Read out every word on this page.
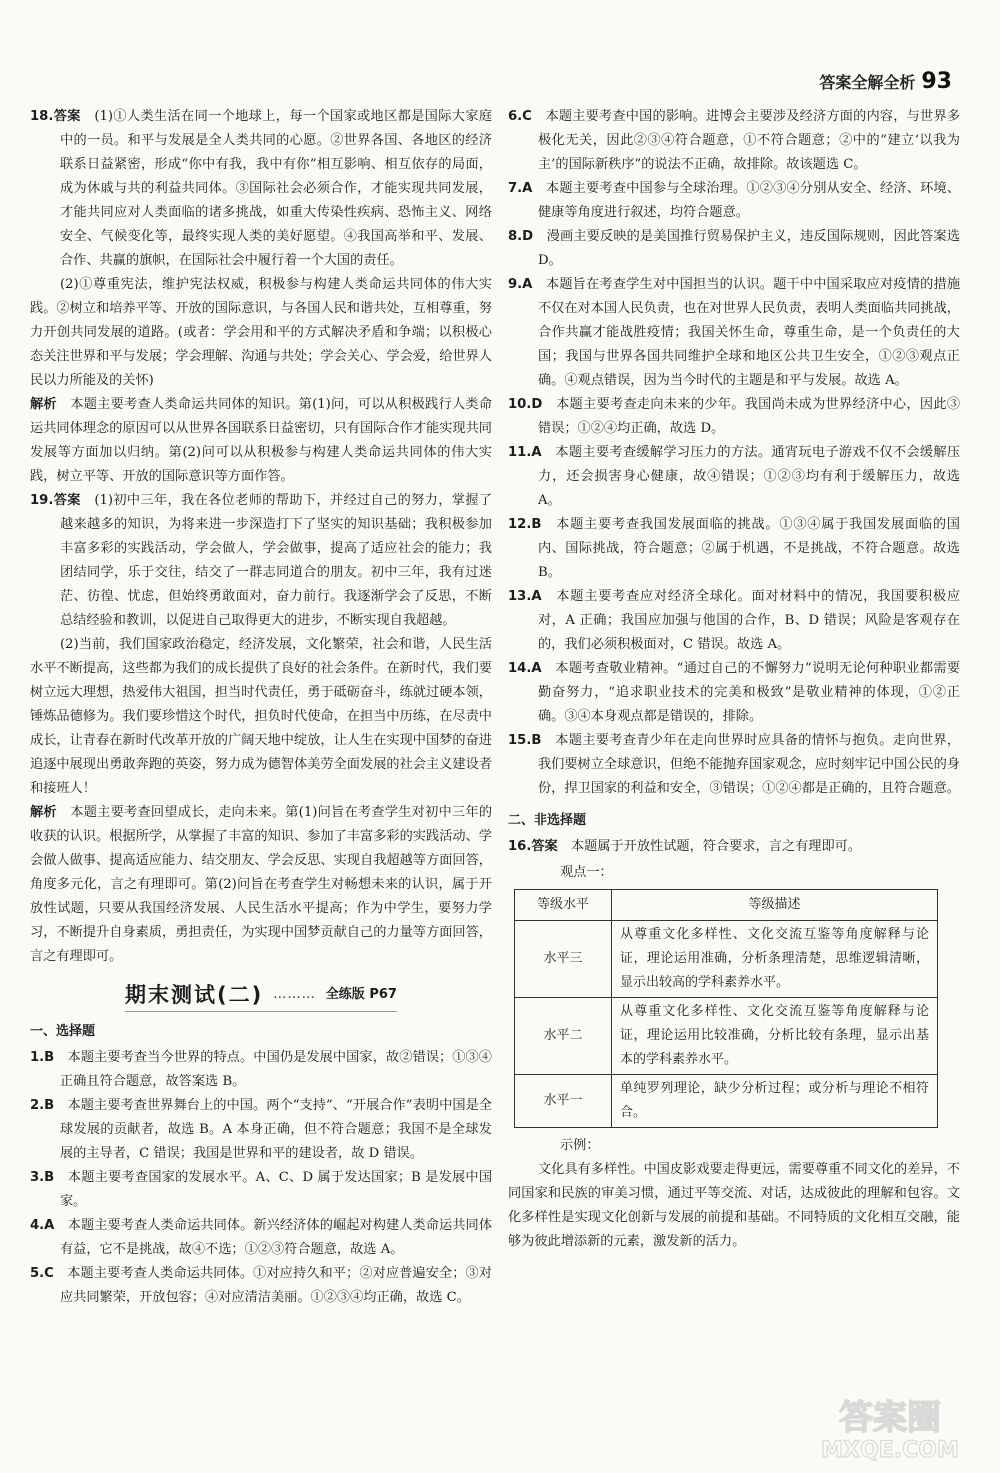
答案全解全析 93
18.答案　 (1)①人类生活在同一个地球上，每一个国家或地区都是国际大家庭中的一员。和平与发展是全人类共同的心愿。②世界各国、各地区的经济联系日益紧密，形成“你中有我，我中有你”相互影响、相互依存的局面，成为休戚与共的利益共同体。③国际社会必须合作，才能实现共同发展，才能共同应对人类面临的诸多挑战，如重大传染性疾病、恐怖主义、网络安全、气候变化等，最终实现人类的美好愿望。④我国高举和平、发展、合作、共赢的旗帜，在国际社会中履行着一个大国的责任。
(2)①尊重宪法，维护宪法权威，积极参与构建人类命运共同体的伟大实践。②树立和培养平等、开放的国际意识，与各国人民和谐共处，互相尊重，努力开创共同发展的道路。(或者：学会用和平的方式解决矛盾和争端；以积极心态关注世界和平与发展；学会理解、沟通与共处；学会关心、学会爱，给世界人民以力所能及的关怀)
解析　 本题主要考查人类命运共同体的知识。第(1)问，可以从积极践行人类命运共同体理念的原因可以从世界各国联系日益密切，只有国际合作才能实现共同发展等方面加以归纳。第(2)问可以从积极参与构建人类命运共同体的伟大实践，树立平等、开放的国际意识等方面作答。
19.答案　 (1)初中三年，我在各位老师的帮助下，并经过自己的努力，掌握了越来越多的知识，为将来进一步深造打下了坚实的知识基础；我积极参加丰富多彩的实践活动，学会做人，学会做事，提高了适应社会的能力；我团结同学，乐于交往，结交了一群志同道合的朋友。初中三年，我有过迷茫、彷徨、忧虑，但始终勇敢面对，奋力前行。我逐渐学会了反思，不断总结经验和教训，以促进自己取得更大的进步，不断实现自我超越。
(2)当前，我们国家政治稳定，经济发展，文化繁荣，社会和谐，人民生活水平不断提高，这些都为我们的成长提供了良好的社会条件。在新时代，我们要树立远大理想，热爱伟大祖国，担当时代责任，勇于砥砺奋斗，练就过硬本领，锤炼品德修为。我们要珍惜这个时代，担负时代使命，在担当中历练，在尽责中成长，让青春在新时代改革开放的广阔天地中绽放，让人生在实现中国梦的奋进追逐中展现出勇敢奔跑的英姿，努力成为德智体美劳全面发展的社会主义建设者和接班人！
解析　 本题主要考查回望成长，走向未来。第(1)问旨在考查学生对初中三年的收获的认识。根据所学，从掌握了丰富的知识、参加了丰富多彩的实践活动、学会做人做事、提高适应能力、结交朋友、学会反思、实现自我超越等方面回答，角度多元化，言之有理即可。第(2)问旨在考查学生对畅想未来的认识，属于开放性试题，只要从我国经济发展、人民生活水平提高；作为中学生，要努力学习，不断提升自身素质，勇担责任，为实现中国梦贡献自己的力量等方面回答，言之有理即可。
期末测试(二) ……… 全练版 P67
一、选择题
1.B　 本题主要考查当今世界的特点。中国仍是发展中国家，故②错误；①③④正确且符合题意，故答案选 B。
2.B　 本题主要考查世界舞台上的中国。两个“支持”、“开展合作”表明中国是全球发展的贡献者，故选 B。A 本身正确，但不符合题意；我国不是全球发展的主导者，C 错误；我国是世界和平的建设者，故 D 错误。
3.B　 本题主要考查国家的发展水平。A、C、D 属于发达国家；B 是发展中国家。
4.A　 本题主要考查人类命运共同体。新兴经济体的崛起对构建人类命运共同体有益，它不是挑战，故④不选；①②③符合题意，故选 A。
5.C　 本题主要考查人类命运共同体。①对应持久和平；②对应普遍安全；③对应共同繁荣，开放包容；④对应清洁美丽。①②③④均正确，故选 C。
6.C　 本题主要考查中国的影响。进博会主要涉及经济方面的内容，与世界多极化无关，因此②③④符合题意，①不符合题意；②中的“建立‘以我为主’的国际新秩序”的说法不正确，故排除。故该题选 C。
7.A　 本题主要考查中国参与全球治理。①②③④分别从安全、经济、环境、健康等角度进行叙述，均符合题意。
8.D　 漫画主要反映的是美国推行贸易保护主义，违反国际规则，因此答案选 D。
9.A　 本题旨在考查学生对中国担当的认识。题干中中国采取应对疫情的措施不仅在对本国人民负责，也在对世界人民负责，表明人类面临共同挑战，合作共赢才能战胜疫情；我国关怀生命，尊重生命，是一个负责任的大国；我国与世界各国共同维护全球和地区公共卫生安全，①②③观点正确。④观点错误，因为当今时代的主题是和平与发展。故选 A。
10.D　 本题主要考查走向未来的少年。我国尚未成为世界经济中心，因此③错误；①②④均正确，故选 D。
11.A　 本题主要考查缓解学习压力的方法。通宵玩电子游戏不仅不会缓解压力，还会损害身心健康，故④错误；①②③均有利于缓解压力，故选 A。
12.B　 本题主要考查我国发展面临的挑战。①③④属于我国发展面临的国内、国际挑战，符合题意；②属于机遇，不是挑战，不符合题意。故选 B。
13.A　 本题主要考查应对经济全球化。面对材料中的情况，我国要积极应对，A 正确；我国应加强与他国的合作，B、D 错误；风险是客观存在的，我们必须积极面对，C 错误。故选 A。
14.A　 本题考查敬业精神。“通过自己的不懈努力”说明无论何种职业都需要勤奋努力，“追求职业技术的完美和极致”是敬业精神的体现，①②正确。③④本身观点都是错误的，排除。
15.B　 本题主要考查青少年在走向世界时应具备的情怀与抱负。走向世界，我们要树立全球意识，但绝不能抛弃国家观念，应时刻牢记中国公民的身份，捍卫国家的利益和安全，③错误；①②④都是正确的，且符合题意。
二、非选择题
16.答案　 本题属于开放性试题，符合要求，言之有理即可。
观点一：
等级水平	等级描述
水平三	从尊重文化多样性、文化交流互鉴等角度解释与论证，理论运用准确，分析条理清楚，思维逻辑清晰，显示出较高的学科素养水平。
水平二	从尊重文化多样性、文化交流互鉴等角度解释与论证，理论运用比较准确，分析比较有条理，显示出基本的学科素养水平。
水平一	单纯罗列理论，缺少分析过程；或分析与理论不相符合。
示例：
文化具有多样性。中国皮影戏要走得更远，需要尊重不同文化的差异，不同国家和民族的审美习惯，通过平等交流、对话，达成彼此的理解和包容。文化多样性是实现文化创新与发展的前提和基础。不同特质的文化相互交融，能够为彼此增添新的元素，激发新的活力。
答案圈
MXQE.COM
